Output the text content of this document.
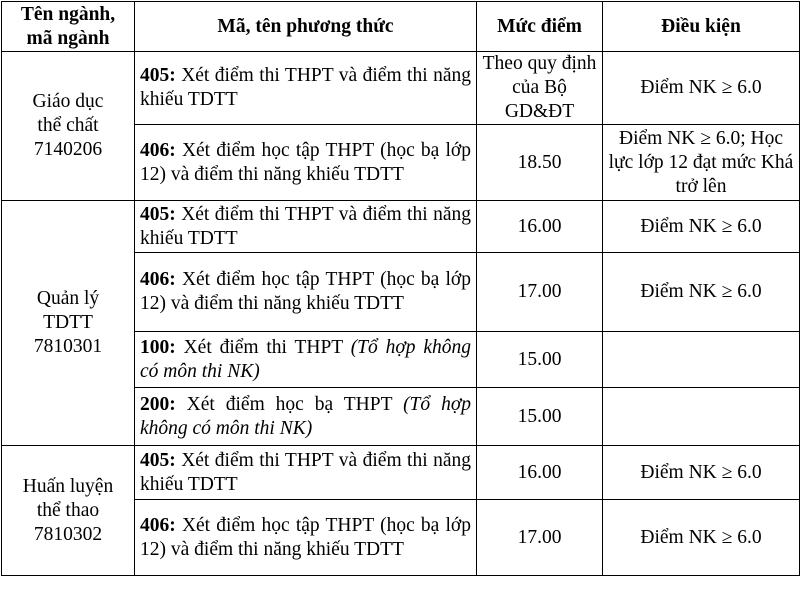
Tên ngành, mã ngành	Mã, tên phương thức	Mức điểm	Điều kiện
Giáo dục
thể chất
7140206	405: Xét điểm thi THPT và điểm thi năng khiếu TDTT	Theo quy định của Bộ GD&ĐT	Điểm NK ≥ 6.0
	406: Xét điểm học tập THPT (học bạ lớp 12) và điểm thi năng khiếu TDTT	18.50	Điểm NK ≥ 6.0; Học lực lớp 12 đạt mức Khá trở lên
Quản lý
TDTT
7810301	405: Xét điểm thi THPT và điểm thi năng khiếu TDTT	16.00	Điểm NK ≥ 6.0
	406: Xét điểm học tập THPT (học bạ lớp 12) và điểm thi năng khiếu TDTT	17.00	Điểm NK ≥ 6.0
	100: Xét điểm thi THPT (Tổ hợp không có môn thi NK)	15.00	
	200: Xét điểm học bạ THPT (Tổ hợp không có môn thi NK)	15.00	
Huấn luyện
thể thao
7810302	405: Xét điểm thi THPT và điểm thi năng khiếu TDTT	16.00	Điểm NK ≥ 6.0
	406: Xét điểm học tập THPT (học bạ lớp 12) và điểm thi năng khiếu TDTT	17.00	Điểm NK ≥ 6.0
